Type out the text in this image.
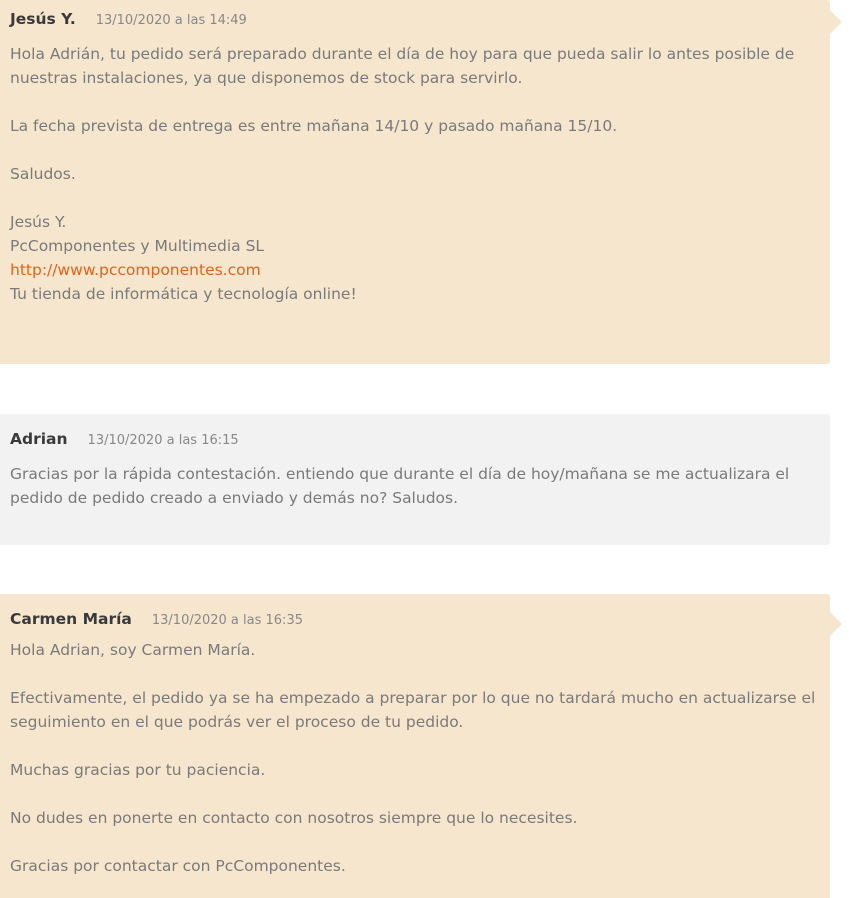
Jesús Y. 13/10/2020 a las 14:49
Hola Adrián, tu pedido será preparado durante el día de hoy para que pueda salir lo antes posible de
nuestras instalaciones, ya que disponemos de stock para servirlo.
La fecha prevista de entrega es entre mañana 14/10 y pasado mañana 15/10.
Saludos.
Jesús Y.
PcComponentes y Multimedia SL
http://www.pccomponentes.com
Tu tienda de informática y tecnología online!
Adrian 13/10/2020 a las 16:15
Gracias por la rápida contestación. entiendo que durante el día de hoy/mañana se me actualizara el
pedido de pedido creado a enviado y demás no? Saludos.
Carmen María 13/10/2020 a las 16:35
Hola Adrian, soy Carmen María.
Efectivamente, el pedido ya se ha empezado a preparar por lo que no tardará mucho en actualizarse el
seguimiento en el que podrás ver el proceso de tu pedido.
Muchas gracias por tu paciencia.
No dudes en ponerte en contacto con nosotros siempre que lo necesites.
Gracias por contactar con PcComponentes.
